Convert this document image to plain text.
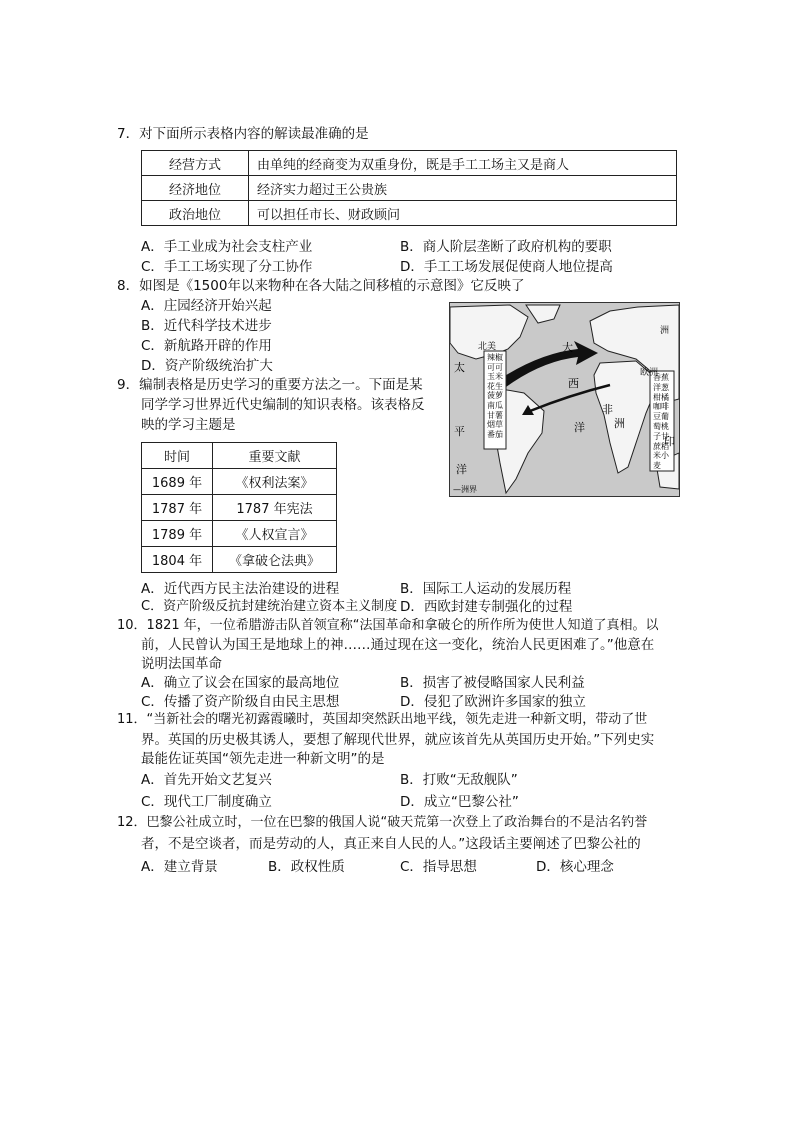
7．对下面所示表格内容的解读最准确的是
经营方式	由单纯的经商变为双重身份，既是手工工场主又是商人
经济地位	经济实力超过王公贵族
政治地位	可以担任市长、财政顾问
A．手工业成为社会支柱产业	B．商人阶层垄断了政府机构的要职
C．手工工场实现了分工协作	D．手工工场发展促使商人地位提高
8．如图是《1500年以来物种在各大陆之间移植的示意图》它反映了
A．庄园经济开始兴起
B．近代科学技术进步
C．新航路开辟的作用
D．资产阶级统治扩大
辣椒可可玉米花生菠萝南瓜甘薯烟草番茄
香蕉洋葱柑橘咖啡豆葡萄桃子甘蔗稻米小麦
北美
欧洲
大
西
洋
太
平
洋
印
非
洲
洲
—洲界
9．编制表格是历史学习的重要方法之一。下面是某
同学学习世界近代史编制的知识表格。该表格反
映的学习主题是
时间	重要文献
1689 年	《权利法案》
1787 年	1787 年宪法
1789 年	《人权宣言》
1804 年	《拿破仑法典》
A．近代西方民主法治建设的进程	B．国际工人运动的发展历程
C．资产阶级反抗封建统治建立资本主义制度 D．西欧封建专制强化的过程
10．1821 年，一位希腊游击队首领宣称“法国革命和拿破仑的所作所为使世人知道了真相。以
前，人民曾认为国王是地球上的神……通过现在这一变化，统治人民更困难了。”他意在
说明法国革命
A．确立了议会在国家的最高地位	B．损害了被侵略国家人民利益
C．传播了资产阶级自由民主思想	D．侵犯了欧洲许多国家的独立
11．“当新社会的曙光初露霞曦时，英国却突然跃出地平线，领先走进一种新文明，带动了世
界。英国的历史极其诱人，要想了解现代世界，就应该首先从英国历史开始。”下列史实
最能佐证英国“领先走进一种新文明”的是
A．首先开始文艺复兴	B．打败“无敌舰队”
C．现代工厂制度确立	D．成立“巴黎公社”
12．巴黎公社成立时，一位在巴黎的俄国人说“破天荒第一次登上了政治舞台的不是沽名钓誉
者，不是空谈者，而是劳动的人，真正来自人民的人。”这段话主要阐述了巴黎公社的
A．建立背景	B．政权性质	C．指导思想	D．核心理念
